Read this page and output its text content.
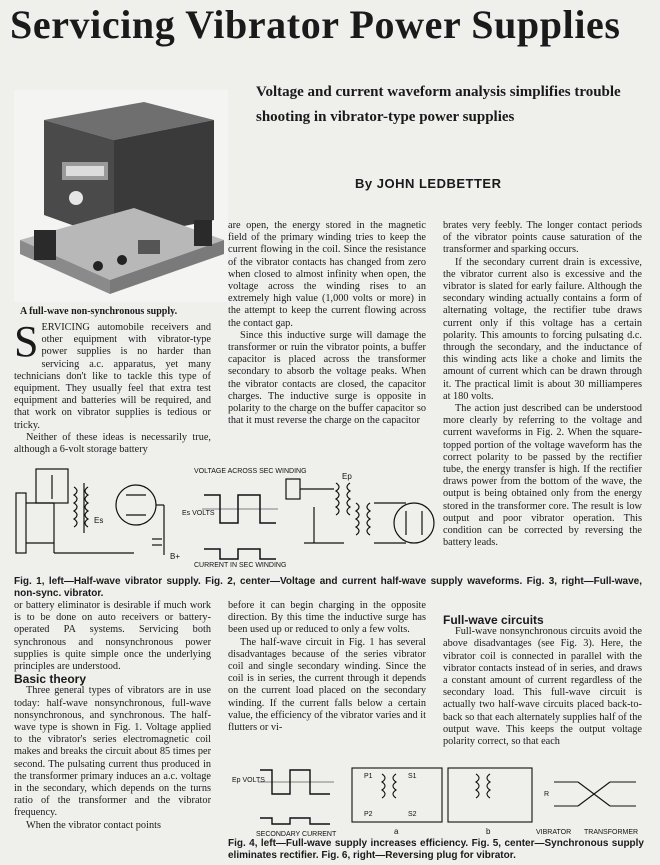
Servicing Vibrator Power Supplies
A full-wave non-synchronous supply.
Voltage and current waveform analysis simplifies trouble shooting in vibrator-type power supplies
By JOHN LEDBETTER

SERVICING automobile receivers and other equipment with vibrator-type power supplies is no harder than servicing a.c. apparatus, yet many technicians don't like to tackle this type of equipment. They usually feel that extra test equipment and batteries will be required, and that work on vibrator supplies is tedious or tricky.

Neither of these ideas is necessarily true, although a 6-volt storage battery

are open, the energy stored in the magnetic field of the primary winding tries to keep the current flowing in the coil. Since the resistance of the vibrator contacts has changed from zero when closed to almost infinity when open, the voltage across the winding rises to an extremely high value (1,000 volts or more) in the attempt to keep the current flowing across the contact gap.

Since this inductive surge will damage the transformer or ruin the vibrator points, a buffer capacitor is placed across the transformer secondary to absorb the voltage peaks. When the vibrator contacts are closed, the capacitor charges. The inductive surge is opposite in polarity to the charge on the buffer capacitor so that it must reverse the charge on the capacitor

brates very feebly. The longer contact periods of the vibrator points cause saturation of the transformer and sparking occurs.

If the secondary current drain is excessive, the vibrator current also is excessive and the vibrator is slated for early failure. Although the secondary winding actually contains a form of alternating voltage, the rectifier tube draws current only if this voltage has a certain polarity. This amounts to forcing pulsating d.c. through the secondary, and the inductance of this winding acts like a choke and limits the amount of current which can be drawn through it. The practical limit is about 30 milliamperes at 180 volts.

The action just described can be understood more clearly by referring to the voltage and current waveforms in Fig. 2. When the square-topped portion of the voltage waveform has the correct polarity to be passed by the rectifier tube, the energy transfer is high. If the rectifier draws power from the bottom of the wave, the output is being obtained only from the energy stored in the transformer core. The result is low output and poor vibrator operation. This condition can be corrected by reversing the battery leads.

Es
B+
VOLTAGE ACROSS SEC WINDING
Es VOLTS
CURRENT IN SEC WINDING
Ep
Fig. 1, left—Half-wave vibrator supply. Fig. 2, center—Voltage and current half-wave supply waveforms. Fig. 3, right—Full-wave, non-sync. vibrator.

or battery eliminator is desirable if much work is to be done on auto receivers or battery-operated PA systems. Servicing both synchronous and nonsynchronous power supplies is quite simple once the underlying principles are understood.

Basic theory

Three general types of vibrators are in use today: half-wave nonsynchronous, full-wave nonsynchronous, and synchronous. The half-wave type is shown in Fig. 1. Voltage applied to the vibrator's series electromagnetic coil makes and breaks the circuit about 85 times per second. The pulsating current thus produced in the transformer primary induces an a.c. voltage in the secondary, which depends on the turns ratio of the transformer and the vibrator frequency.

When the vibrator contact points

before it can begin charging in the opposite direction. By this time the inductive surge has been used up or reduced to only a few volts.

The half-wave circuit in Fig. 1 has several disadvantages because of the series vibrator coil and single secondary winding. Since the coil is in series, the current through it depends on the current load placed on the secondary winding. If the current falls below a certain value, the efficiency of the vibrator varies and it flutters or vi-

Full-wave circuits

Full-wave nonsynchronous circuits avoid the above disadvantages (see Fig. 3). Here, the vibrator coil is connected in parallel with the vibrator contacts instead of in series, and draws a constant amount of current regardless of the secondary load. This full-wave circuit is actually two half-wave circuits placed back-to-back so that each alternately supplies half of the output wave. This keeps the output voltage polarity correct, so that each

Ep VOLTS
SECONDARY CURRENT
P1	S1
P2	S2
a	b
R
VIBRATOR TRANSFORMER
Fig. 4, left—Full-wave supply increases efficiency. Fig. 5, center—Synchronous supply eliminates rectifier. Fig. 6, right—Reversing plug for vibrator.
